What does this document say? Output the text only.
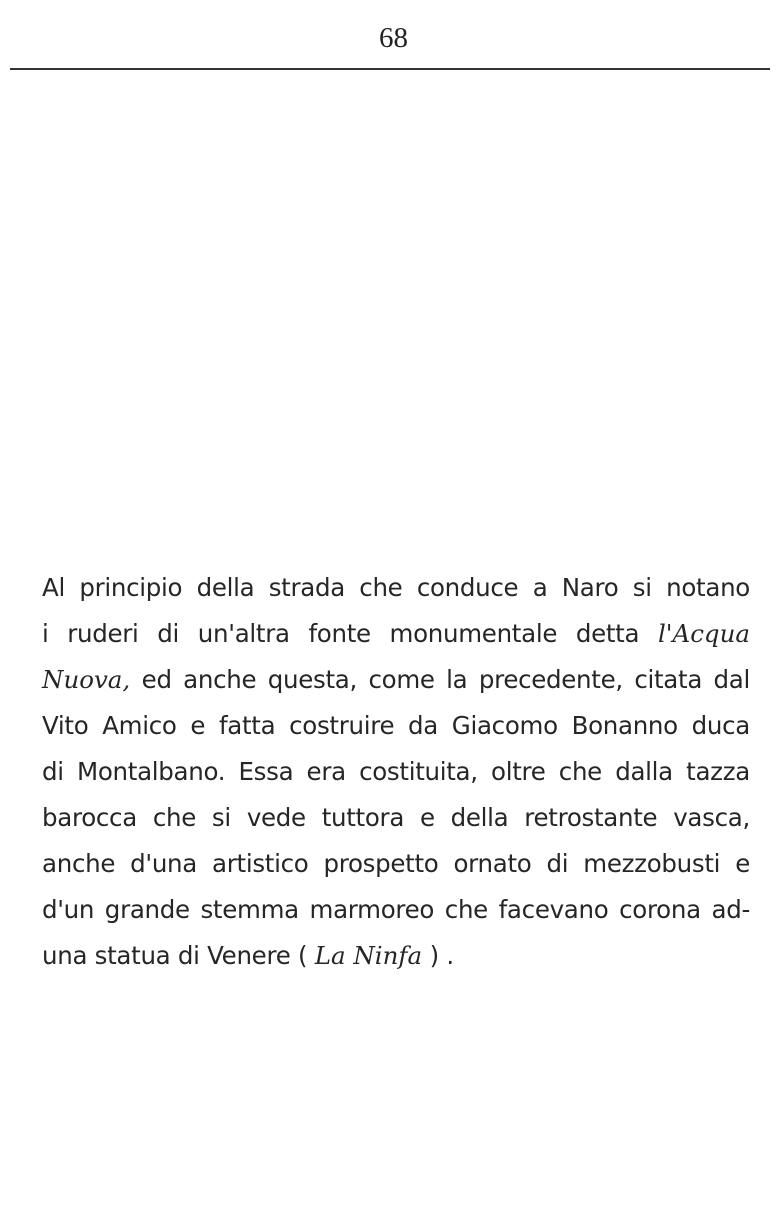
68
Al principio della strada che conduce a Naro si notano
i ruderi di un'altra fonte monumentale detta l'Acqua
Nuova, ed anche questa, come la precedente, citata dal
Vito Amico e fatta costruire da Giacomo Bonanno duca
di Montalbano. Essa era costituita, oltre che dalla tazza
barocca che si vede tuttora e della retrostante vasca,
anche d'una artistico prospetto ornato di mezzobusti e
d'un grande stemma marmoreo che facevano corona ad-
una statua di Venere ( La Ninfa ) .
